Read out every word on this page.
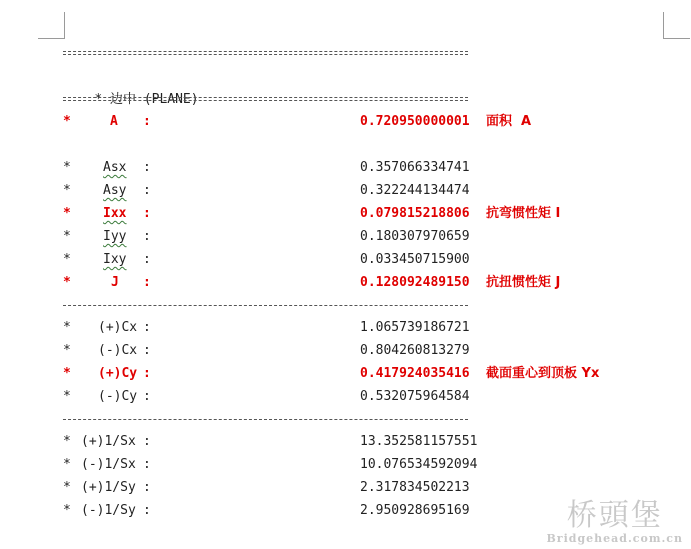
* 边中 (PLANE)

*	A :	0.720950000001 面积  A
* Asx :	0.357066334741
* Asy :	0.322244134474
* Ixx :	0.079815218806 抗弯惯性矩 I
* Iyy :	0.180307970659
* Ixy :	0.033450715900
*	J :	0.128092489150 抗扭惯性矩 J
* (+)Cx :	1.065739186721
* (-)Cx :	0.804260813279
* (+)Cy :	0.417924035416 截面重心到顶板 Yx
* (-)Cy :	0.532075964584
* (+)1/Sx :	13.352581157551
* (-)1/Sx :	10.076534592094
* (+)1/Sy :	2.317834502213
* (-)1/Sy :	2.950928695169	桥頭堡
Bridgehead.com.cn
